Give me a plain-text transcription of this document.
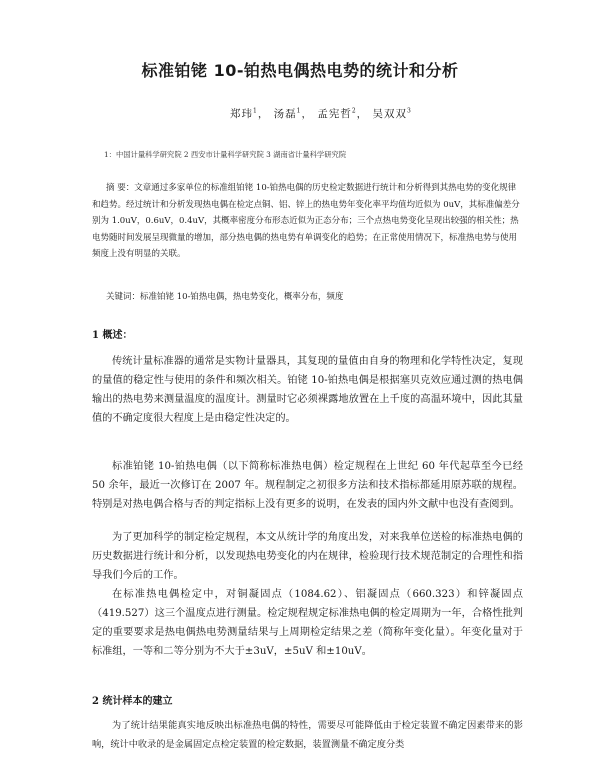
标准铂铑 10-铂热电偶热电势的统计和分析
郑玮$^1$， 汤磊$^1$， 孟宪哲$^2$， 吴双双$^3$
1：中国计量科学研究院 2 西安市计量科学研究院 3 湖南省计量科学研究院
摘 要：文章通过多家单位的标准组铂铑 10-铂热电偶的历史检定数据进行统计和分析得到其热电势的变化规律和趋势。经过统计和分析发现热电偶在检定点铜、铝、锌上的热电势年变化率平均值均近似为 0uV，其标准偏差分别为 1.0uV，0.6uV，0.4uV，其概率密度分布形态近似为正态分布；三个点热电势变化呈现出较强的相关性；热电势随时间发展呈现微量的增加，部分热电偶的热电势有单调变化的趋势；在正常使用情况下，标准热电势与使用频度上没有明显的关联。
关键词：标准铂铑 10-铂热电偶，热电势变化，概率分布，频度
1 概述：
传统计量标准器的通常是实物计量器具，其复现的量值由自身的物理和化学特性决定，复现的量值的稳定性与使用的条件和频次相关。铂铑 10-铂热电偶是根据塞贝克效应通过测的热电偶输出的热电势来测量温度的温度计。测量时它必须裸露地放置在上千度的高温环境中，因此其量值的不确定度很大程度上是由稳定性决定的。
标准铂铑 10-铂热电偶（以下简称标准热电偶）检定规程在上世纪 60 年代起草至今已经 50 余年，最近一次修订在 2007 年。规程制定之初很多方法和技术指标都延用原苏联的规程。特别是对热电偶合格与否的判定指标上没有更多的说明，在发表的国内外文献中也没有查阅到。
为了更加科学的制定检定规程，本文从统计学的角度出发，对来我单位送检的标准热电偶的历史数据进行统计和分析，以发现热电势变化的内在规律，检验现行技术规范制定的合理性和指导我们今后的工作。
在标准热电偶检定中，对铜凝固点（1084.62）、铝凝固点（660.323）和锌凝固点（419.527）这三个温度点进行测量。检定规程规定标准热电偶的检定周期为一年，合格性批判定的重要要求是热电偶热电势测量结果与上周期检定结果之差（简称年变化量）。年变化量对于标准组，一等和二等分别为不大于±3uV，±5uV 和±10uV。
2 统计样本的建立
为了统计结果能真实地反映出标准热电偶的特性，需要尽可能降低由于检定装置不确定因素带来的影响，统计中收录的是金属固定点检定装置的检定数据，装置测量不确定度分类
